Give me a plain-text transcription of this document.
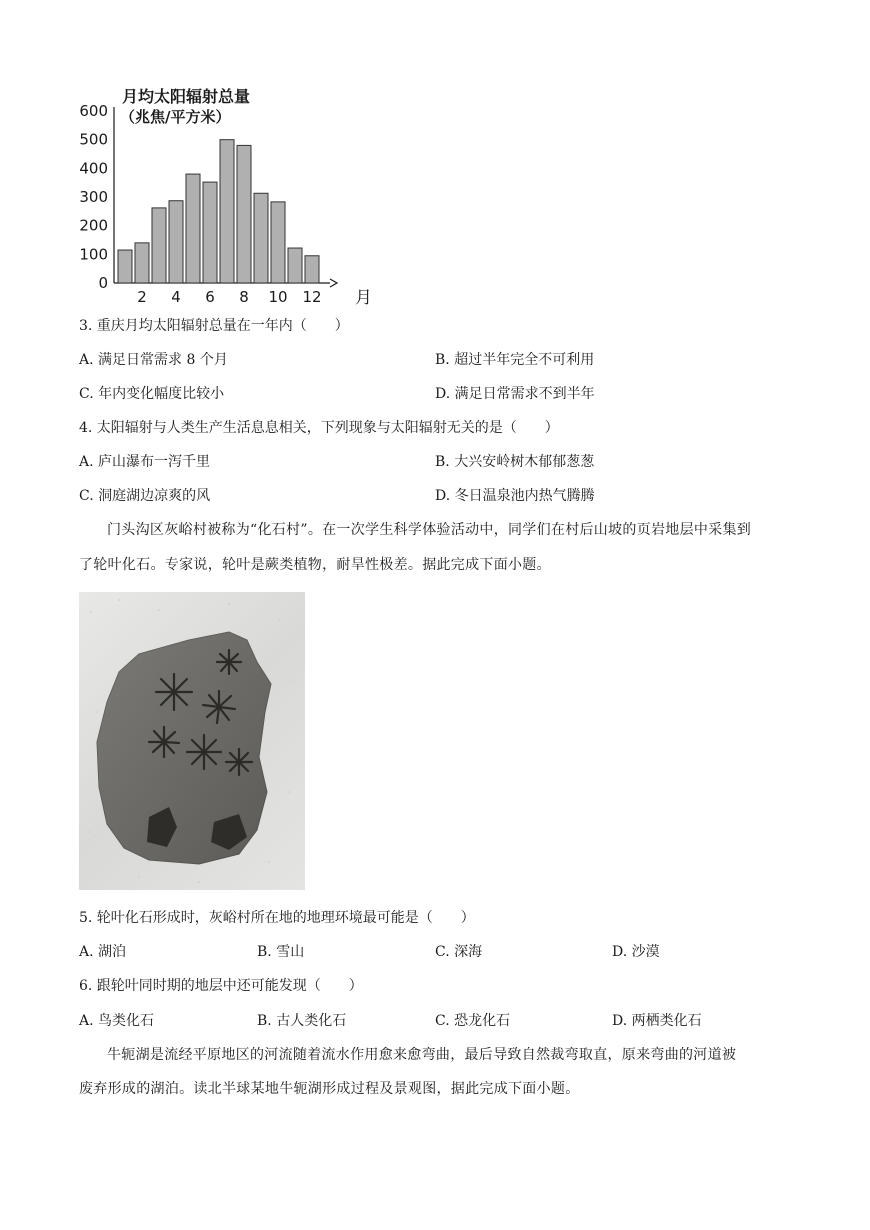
0
100
200
300
400
500
600
2 4 6 8 10 12
月均太阳辐射总量
（兆焦/平方米）
月
3. 重庆月均太阳辐射总量在一年内（　　）
A. 满足日常需求 8 个月	B. 超过半年完全不可利用
C. 年内变化幅度比较小	D. 满足日常需求不到半年
4. 太阳辐射与人类生产生活息息相关，下列现象与太阳辐射无关的是（　　）
A. 庐山瀑布一泻千里	B. 大兴安岭树木郁郁葱葱
C. 洞庭湖边凉爽的风	D. 冬日温泉池内热气腾腾
门头沟区灰峪村被称为“化石村”。在一次学生科学体验活动中，同学们在村后山坡的页岩地层中采集到
了轮叶化石。专家说，轮叶是蕨类植物，耐旱性极差。据此完成下面小题。
5. 轮叶化石形成时，灰峪村所在地的地理环境最可能是（　　）
A. 湖泊	B. 雪山	C. 深海	D. 沙漠
6. 跟轮叶同时期的地层中还可能发现（　　）
A. 鸟类化石	B. 古人类化石	C. 恐龙化石	D. 两栖类化石
牛轭湖是流经平原地区的河流随着流水作用愈来愈弯曲，最后导致自然裁弯取直，原来弯曲的河道被
废弃形成的湖泊。读北半球某地牛轭湖形成过程及景观图，据此完成下面小题。
